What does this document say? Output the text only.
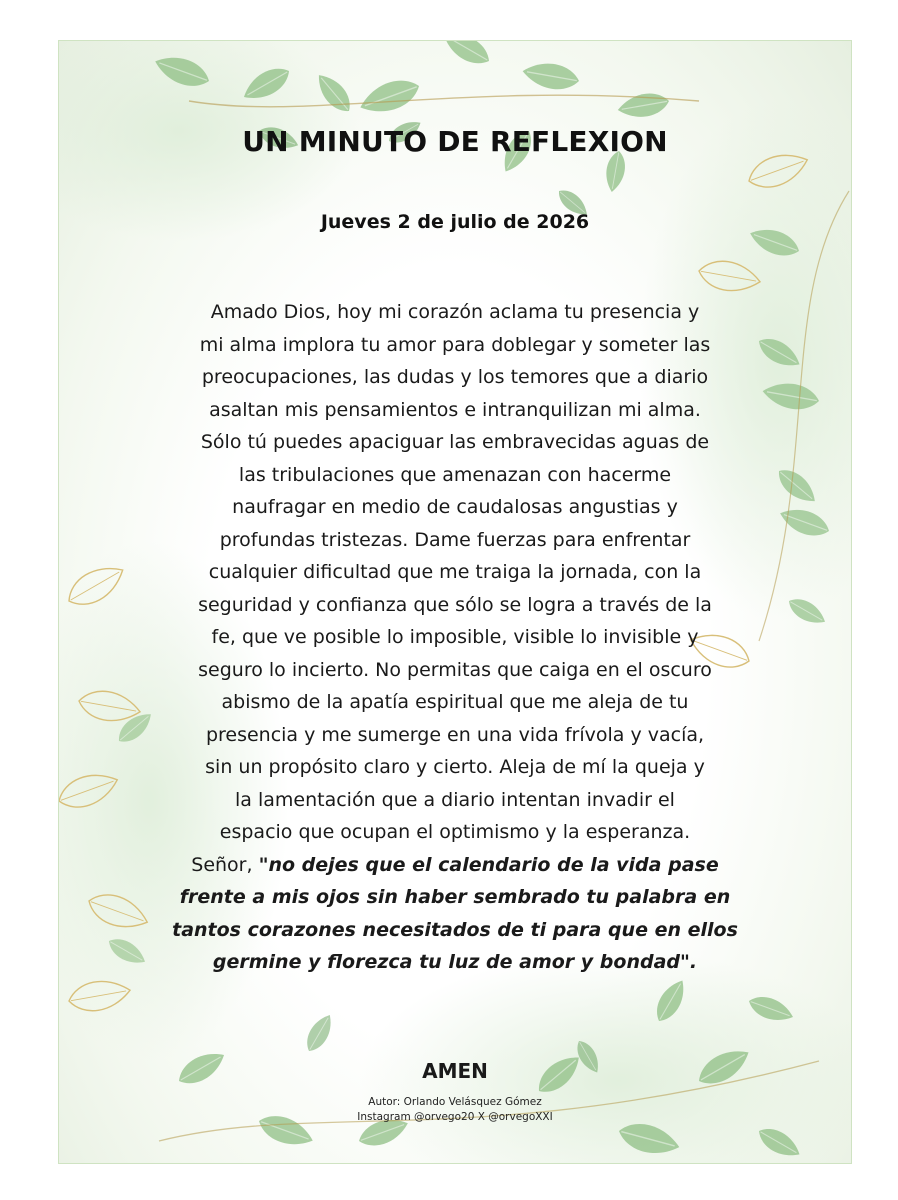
UN MINUTO DE REFLEXION
Jueves 2 de julio de 2026
Amado Dios, hoy mi corazón aclama tu presencia y
mi alma implora tu amor para doblegar y someter las
preocupaciones, las dudas y los temores que a diario
asaltan mis pensamientos e intranquilizan mi alma.
Sólo tú puedes apaciguar las embravecidas aguas de
las tribulaciones que amenazan con hacerme
naufragar en medio de caudalosas angustias y
profundas tristezas. Dame fuerzas para enfrentar
cualquier dificultad que me traiga la jornada, con la
seguridad y confianza que sólo se logra a través de la
fe, que ve posible lo imposible, visible lo invisible y
seguro lo incierto. No permitas que caiga en el oscuro
abismo de la apatía espiritual que me aleja de tu
presencia y me sumerge en una vida frívola y vacía,
sin un propósito claro y cierto. Aleja de mí la queja y
la lamentación que a diario intentan invadir el
espacio que ocupan el optimismo y la esperanza.
Señor, "no dejes que el calendario de la vida pase
frente a mis ojos sin haber sembrado tu palabra en
tantos corazones necesitados de ti para que en ellos
germine y florezca tu luz de amor y bondad".
AMEN
Autor: Orlando Velásquez Gómez
Instagram @orvego20 X @orvegoXXI
